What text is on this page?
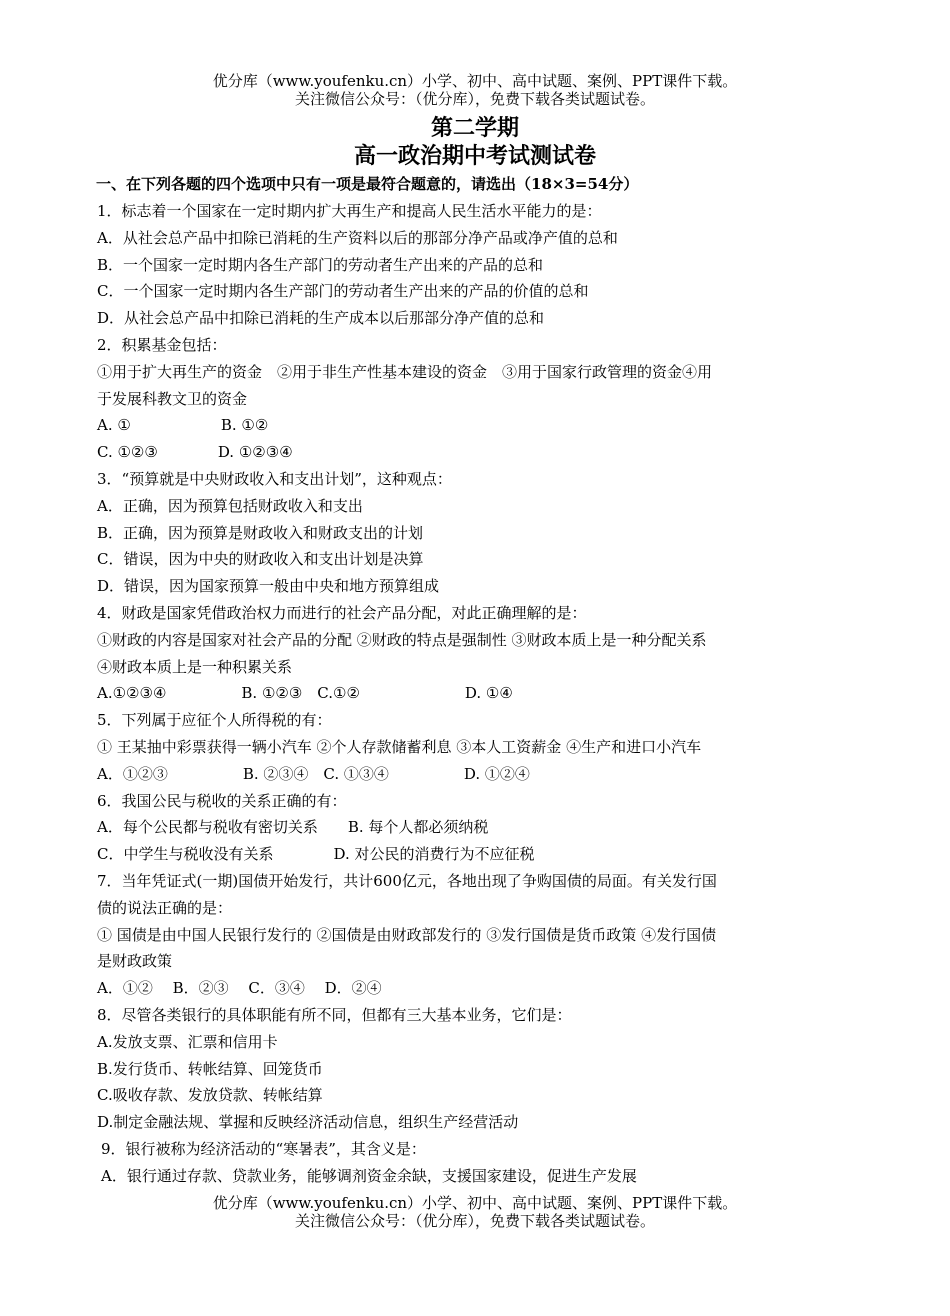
优分库（www.youfenku.cn）小学、初中、高中试题、案例、PPT课件下载。
关注微信公众号：（优分库），免费下载各类试题试卷。
第二学期
高一政治期中考试测试卷
一、在下列各题的四个选项中只有一项是最符合题意的，请选出（18×3=54分）
1．标志着一个国家在一定时期内扩大再生产和提高人民生活水平能力的是：
A．从社会总产品中扣除已消耗的生产资料以后的那部分净产品或净产值的总和
B．一个国家一定时期内各生产部门的劳动者生产出来的产品的总和
C．一个国家一定时期内各生产部门的劳动者生产出来的产品的价值的总和
D．从社会总产品中扣除已消耗的生产成本以后那部分净产值的总和
2．积累基金包括：
①用于扩大再生产的资金　②用于非生产性基本建设的资金　③用于国家行政管理的资金④用
于发展科教文卫的资金
A. ①　　　　　　B. ①②
C. ①②③　　　　D. ①②③④
3．“预算就是中央财政收入和支出计划”，这种观点：
A．正确，因为预算包括财政收入和支出
B．正确，因为预算是财政收入和财政支出的计划
C．错误，因为中央的财政收入和支出计划是决算
D．错误，因为国家预算一般由中央和地方预算组成
4．财政是国家凭借政治权力而进行的社会产品分配，对此正确理解的是：
①财政的内容是国家对社会产品的分配 ②财政的特点是强制性 ③财政本质上是一种分配关系
④财政本质上是一种积累关系
A.①②③④　　　　　B. ①②③　C.①②　　　　　　　D. ①④
5．下列属于应征个人所得税的有：
① 王某抽中彩票获得一辆小汽车 ②个人存款储蓄利息 ③本人工资薪金 ④生产和进口小汽车
A．①②③　　　　　B. ②③④　C. ①③④　　　　　D. ①②④
6．我国公民与税收的关系正确的有：
A．每个公民都与税收有密切关系　　B. 每个人都必须纳税
C．中学生与税收没有关系　　　　D. 对公民的消费行为不应征税
7．当年凭证式(一期)国债开始发行，共计600亿元，各地出现了争购国债的局面。有关发行国
债的说法正确的是：
① 国债是由中国人民银行发行的 ②国债是由财政部发行的 ③发行国债是货币政策 ④发行国债
是财政政策
A．①②　 B．②③　 C．③④　 D．②④
8．尽管各类银行的具体职能有所不同，但都有三大基本业务，它们是：
A.发放支票、汇票和信用卡
B.发行货币、转帐结算、回笼货币
C.吸收存款、发放贷款、转帐结算
D.制定金融法规、掌握和反映经济活动信息，组织生产经营活动
9．银行被称为经济活动的“寒暑表”，其含义是：
A．银行通过存款、贷款业务，能够调剂资金余缺，支援国家建设，促进生产发展
优分库（www.youfenku.cn）小学、初中、高中试题、案例、PPT课件下载。
关注微信公众号：（优分库），免费下载各类试题试卷。
